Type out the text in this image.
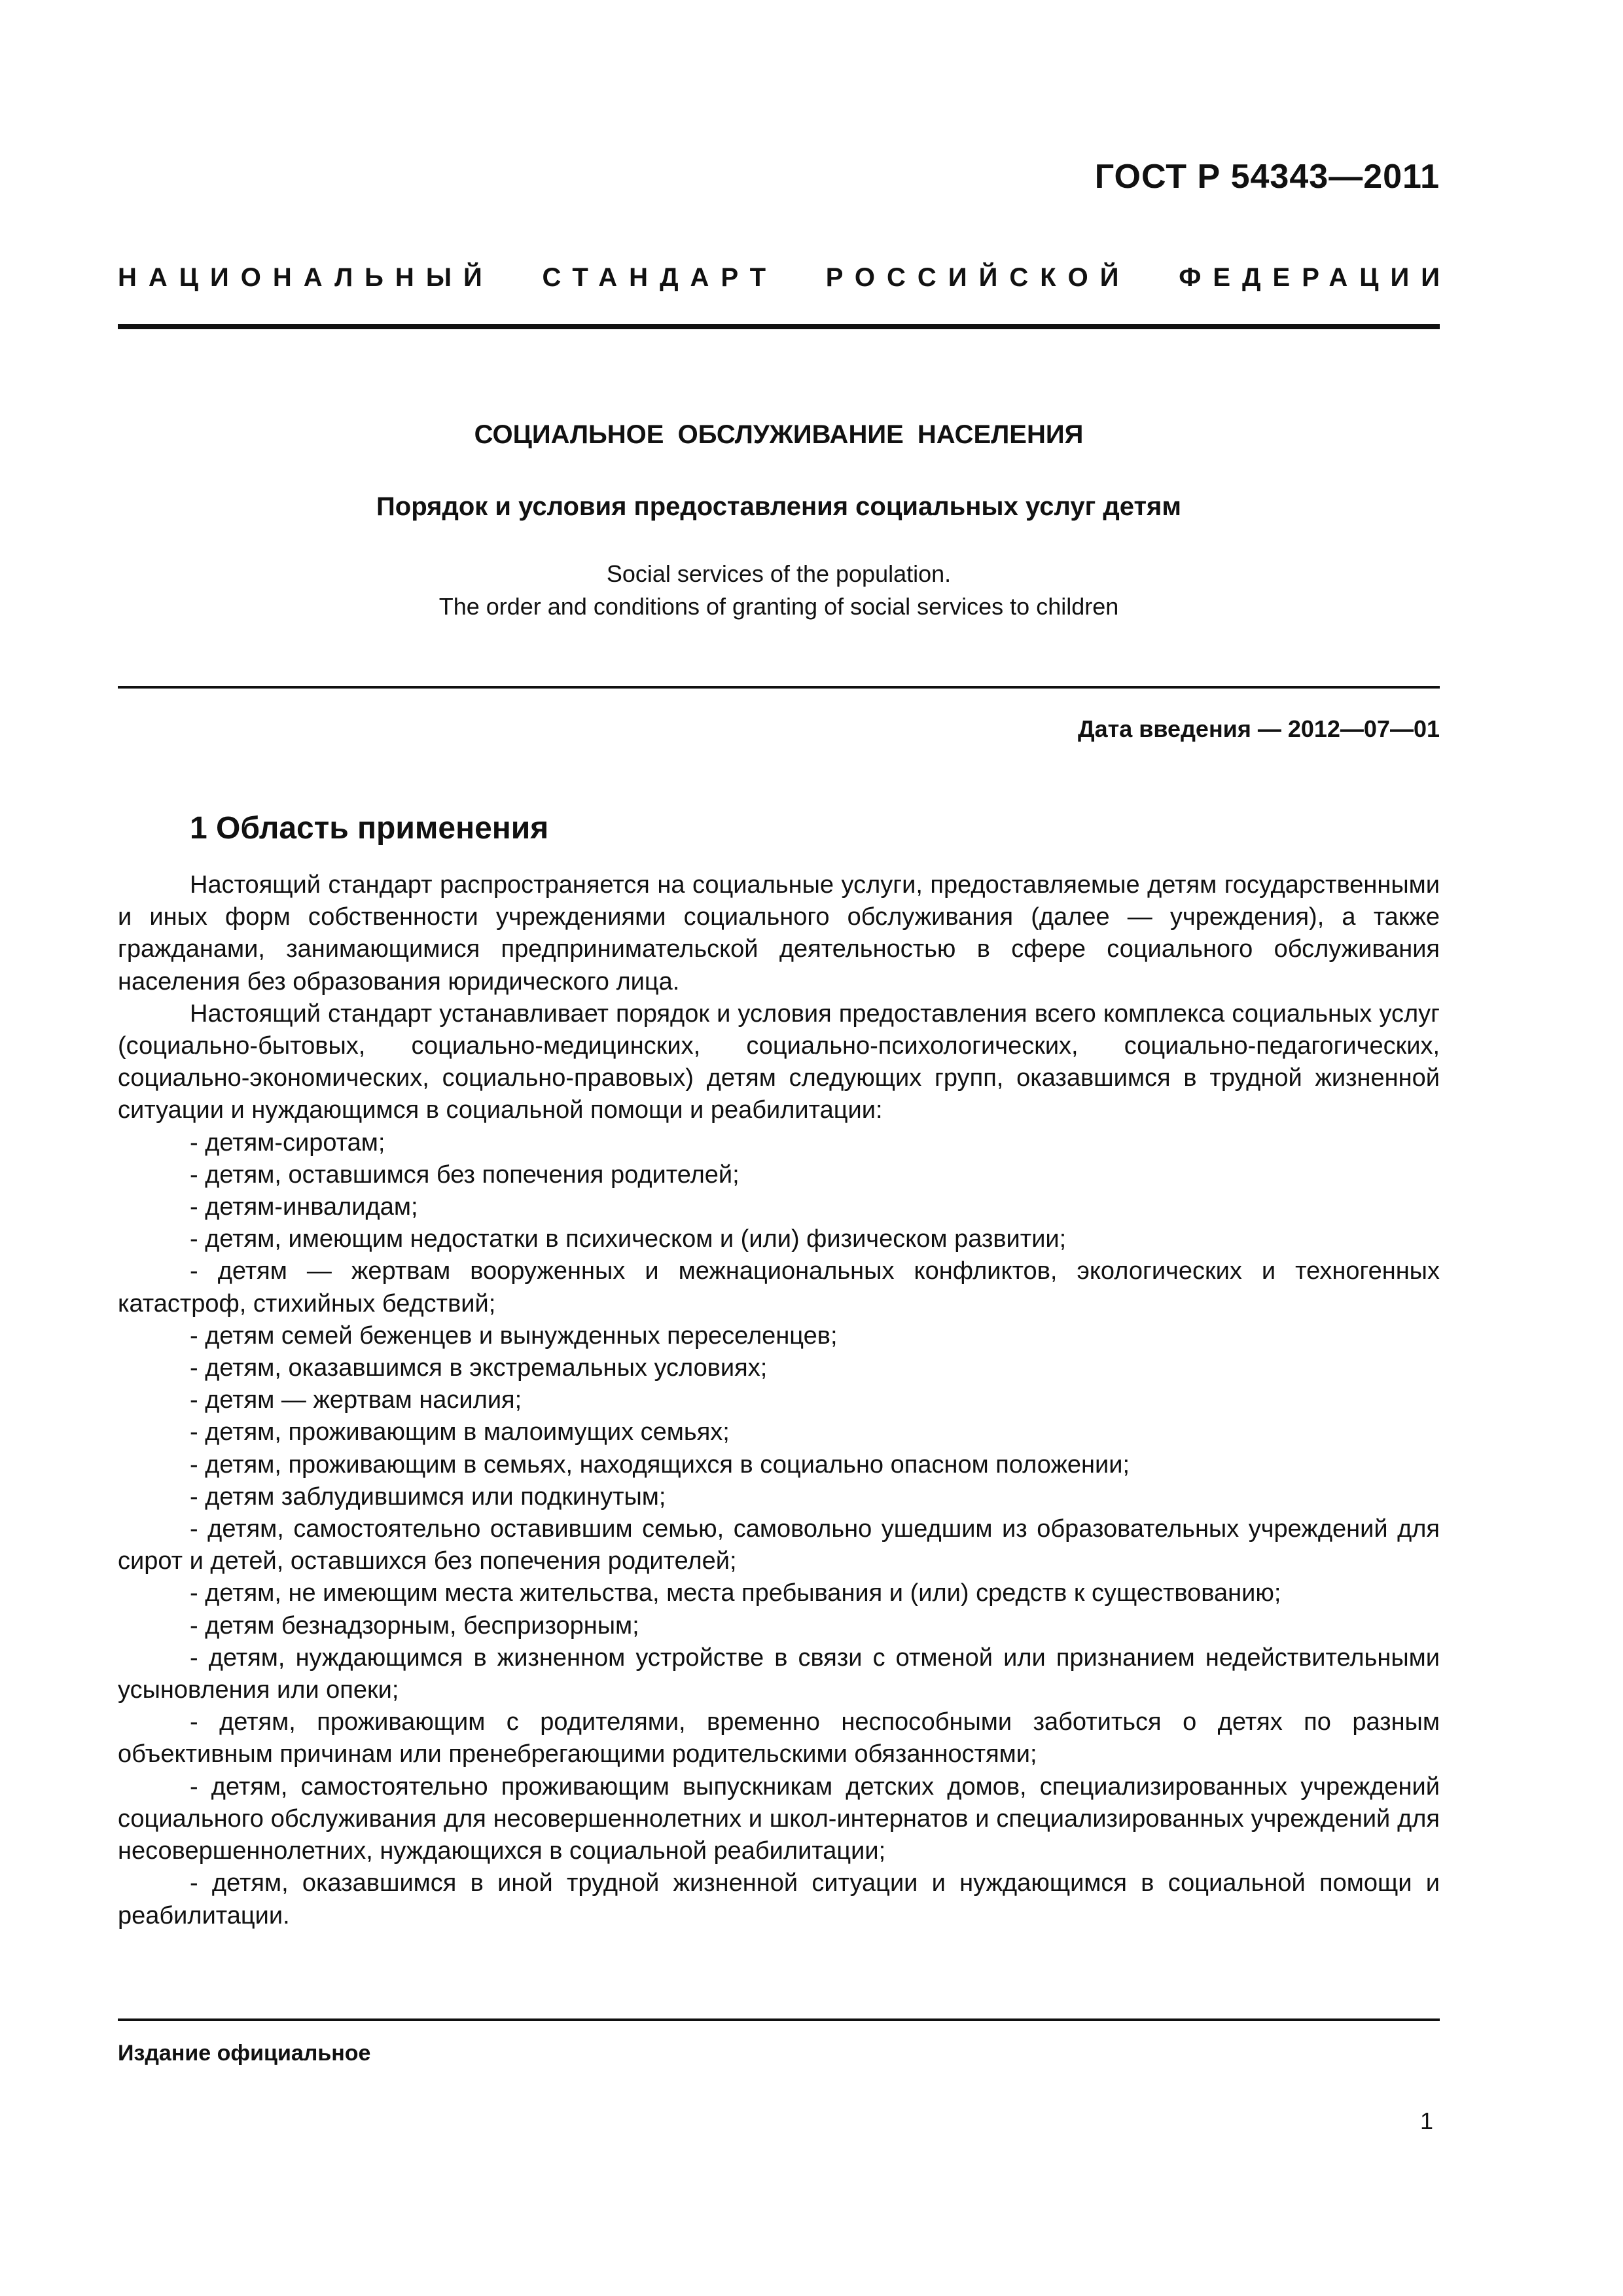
ГОСТ Р 54343—2011
НАЦИОНАЛЬНЫЙ СТАНДАРТ РОССИЙСКОЙ ФЕДЕРАЦИИ
СОЦИАЛЬНОЕ ОБСЛУЖИВАНИЕ НАСЕЛЕНИЯ
Порядок и условия предоставления социальных услуг детям
Social services of the population.
The order and conditions of granting of social services to children
Дата введения — 2012—07—01
1 Область применения

Настоящий стандарт распространяется на социальные услуги, предоставляемые детям государственными и иных форм собственности учреждениями социального обслуживания (далее — учреждения), а также гражданами, занимающимися предпринимательской деятельностью в сфере социального обслуживания населения без образования юридического лица.

Настоящий стандарт устанавливает порядок и условия предоставления всего комплекса социальных услуг (социально-бытовых, социально-медицинских, социально-психологических, социально-педагогических, социально-экономических, социально-правовых) детям следующих групп, оказавшимся в трудной жизненной ситуации и нуждающимся в социальной помощи и реабилитации:

- детям-сиротам;

- детям, оставшимся без попечения родителей;

- детям-инвалидам;

- детям, имеющим недостатки в психическом и (или) физическом развитии;

- детям — жертвам вооруженных и межнациональных конфликтов, экологических и техногенных катастроф, стихийных бедствий;

- детям семей беженцев и вынужденных переселенцев;

- детям, оказавшимся в экстремальных условиях;

- детям — жертвам насилия;

- детям, проживающим в малоимущих семьях;

- детям, проживающим в семьях, находящихся в социально опасном положении;

- детям заблудившимся или подкинутым;

- детям, самостоятельно оставившим семью, самовольно ушедшим из образовательных учреждений для сирот и детей, оставшихся без попечения родителей;

- детям, не имеющим места жительства, места пребывания и (или) средств к существованию;

- детям безнадзорным, беспризорным;

- детям, нуждающимся в жизненном устройстве в связи с отменой или признанием недействительными усыновления или опеки;

- детям, проживающим с родителями, временно неспособными заботиться о детях по разным объективным причинам или пренебрегающими родительскими обязанностями;

- детям, самостоятельно проживающим выпускникам детских домов, специализированных учреждений социального обслуживания для несовершеннолетних и школ-интернатов и специализированных учреждений для несовершеннолетних, нуждающихся в социальной реабилитации;

- детям, оказавшимся в иной трудной жизненной ситуации и нуждающимся в социальной помощи и реабилитации.

Издание официальное
1
